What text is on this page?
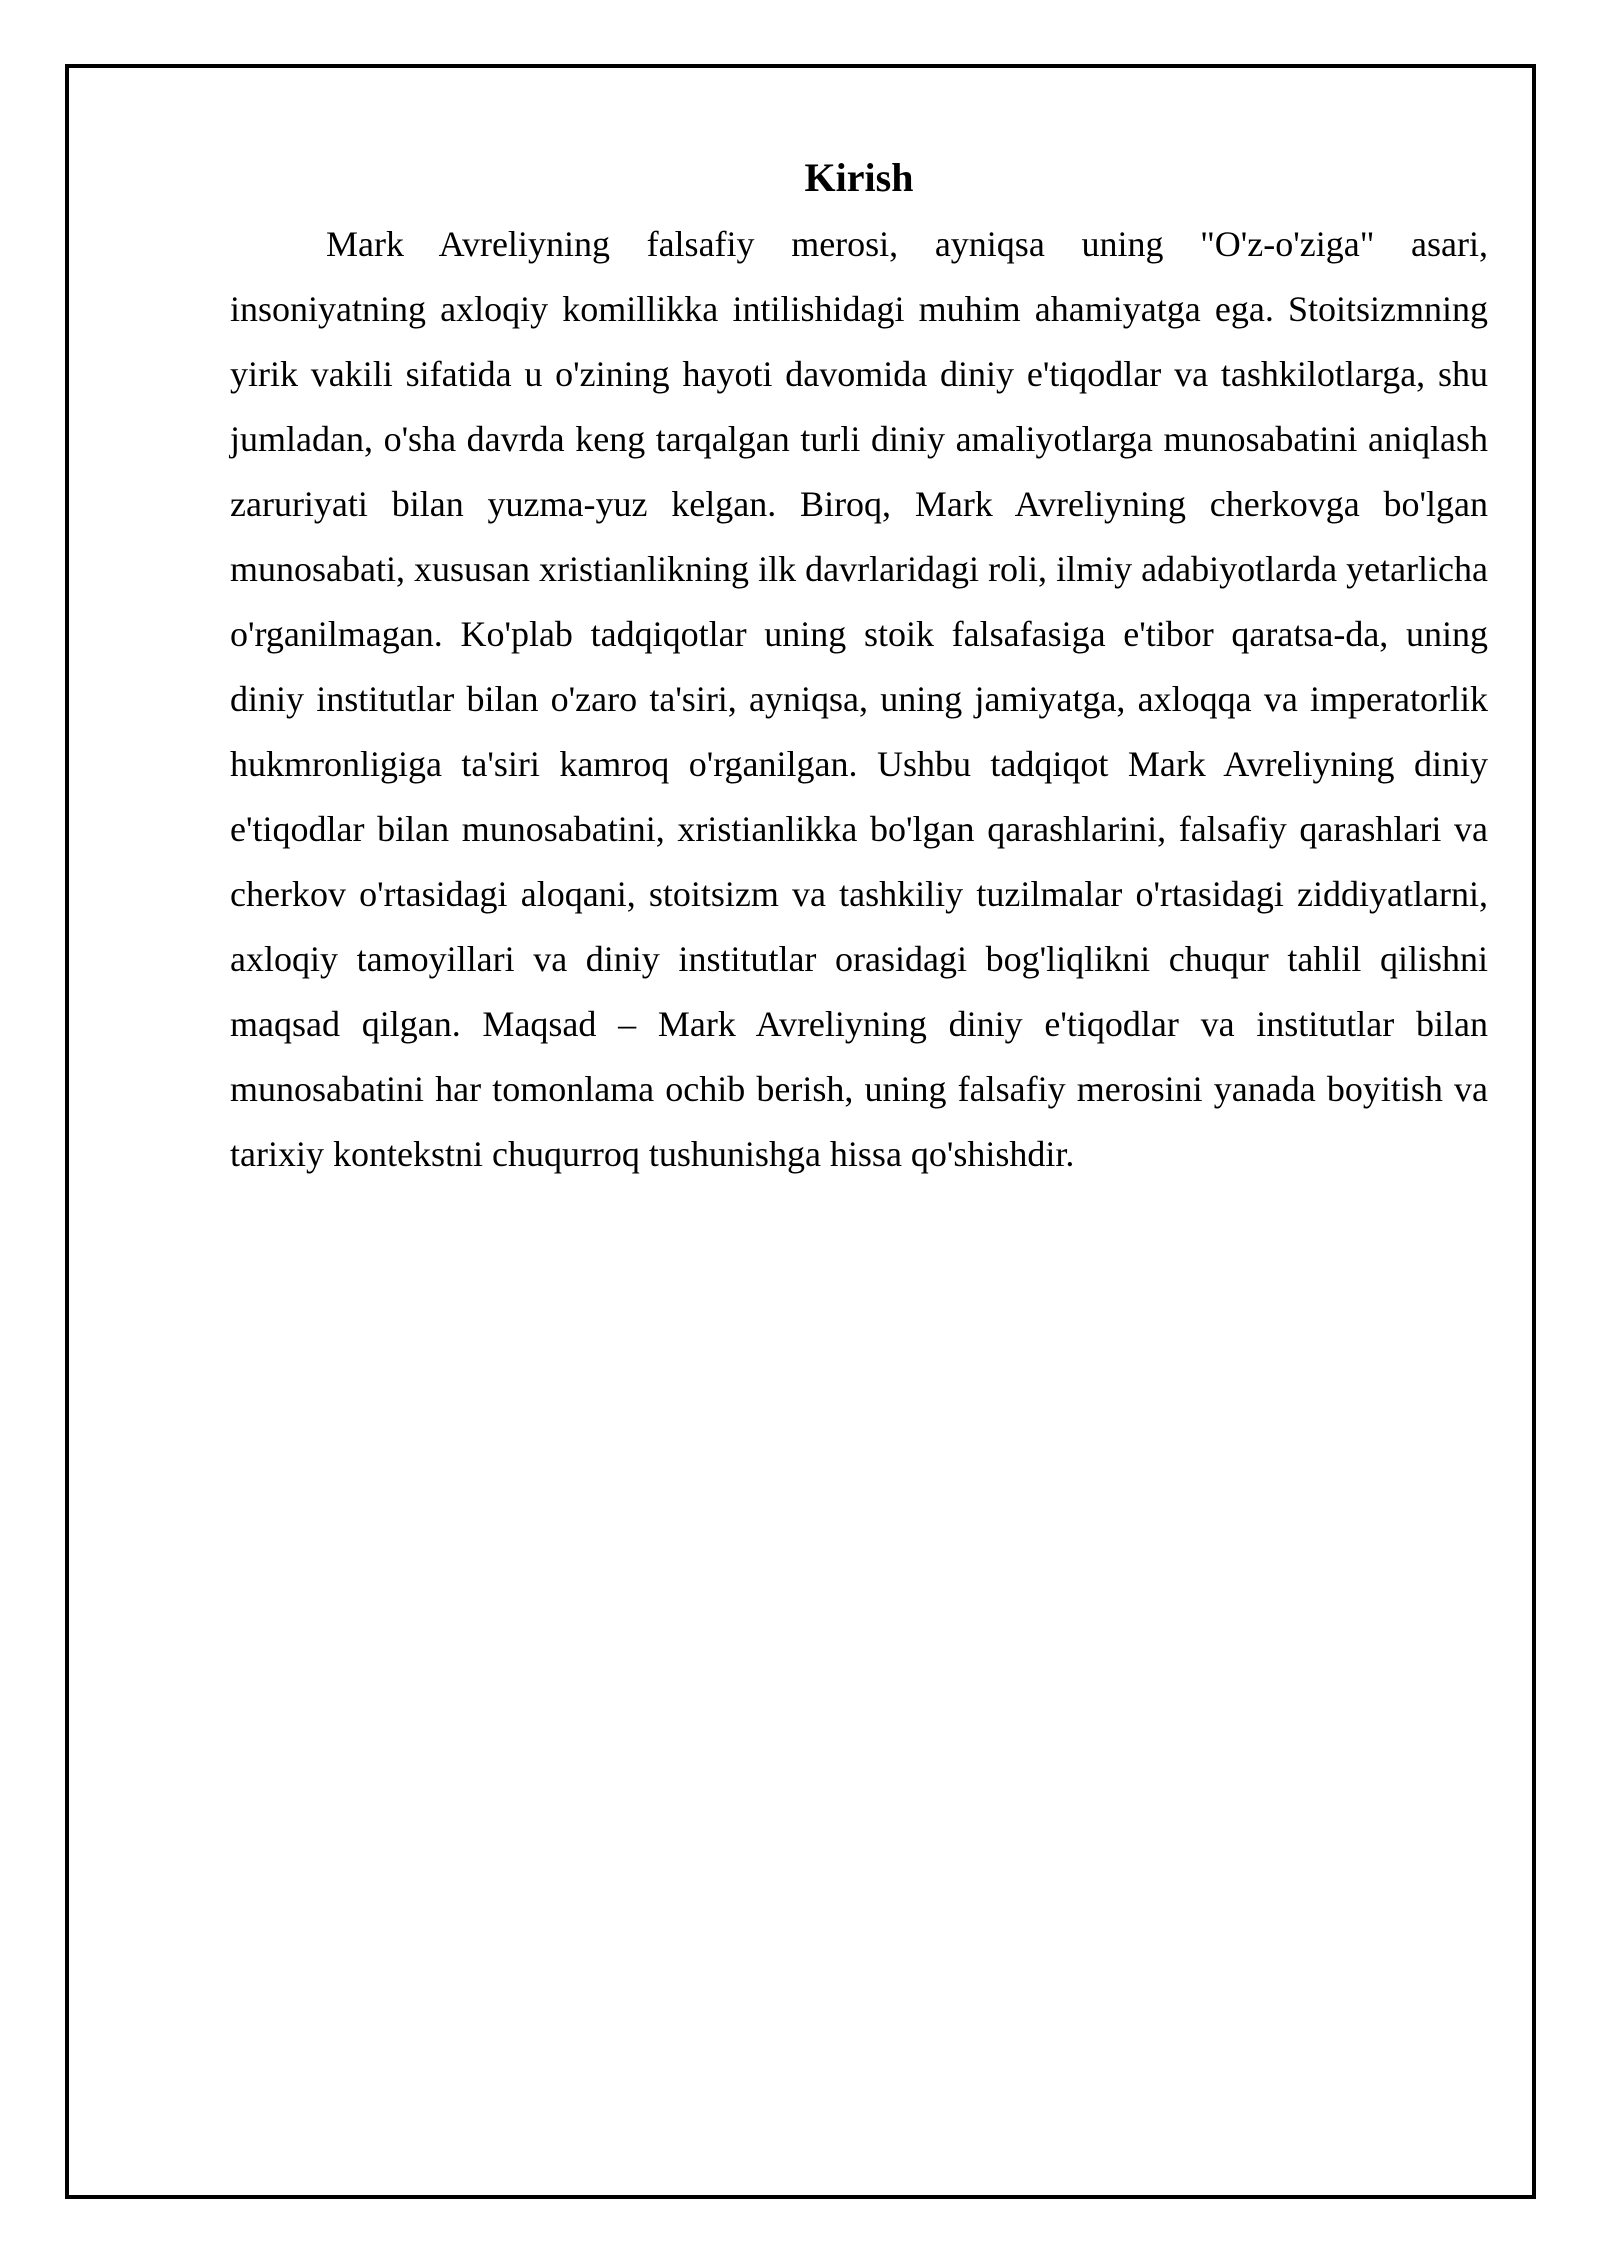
Kirish

Mark Avreliyning falsafiy merosi, ayniqsa uning "O'z-o'ziga" asari, insoniyatning axloqiy komillikka intilishidagi muhim ahamiyatga ega. Stoitsizmning yirik vakili sifatida u o'zining hayoti davomida diniy e'tiqodlar va tashkilotlarga, shu jumladan, o'sha davrda keng tarqalgan turli diniy amaliyotlarga munosabatini aniqlash zaruriyati bilan yuzma-yuz kelgan. Biroq, Mark Avreliyning cherkovga bo'lgan munosabati, xususan xristianlikning ilk davrlaridagi roli, ilmiy adabiyotlarda yetarlicha o'rganilmagan. Ko'plab tadqiqotlar uning stoik falsafasiga e'tibor qaratsa-da, uning diniy institutlar bilan o'zaro ta'siri, ayniqsa, uning jamiyatga, axloqqa va imperatorlik hukmronligiga ta'siri kamroq o'rganilgan. Ushbu tadqiqot Mark Avreliyning diniy e'tiqodlar bilan munosabatini, xristianlikka bo'lgan qarashlarini, falsafiy qarashlari va cherkov o'rtasidagi aloqani, stoitsizm va tashkiliy tuzilmalar o'rtasidagi ziddiyatlarni, axloqiy tamoyillari va diniy institutlar orasidagi bog'liqlikni chuqur tahlil qilishni maqsad qilgan. Maqsad – Mark Avreliyning diniy e'tiqodlar va institutlar bilan munosabatini har tomonlama ochib berish, uning falsafiy merosini yanada boyitish va tarixiy kontekstni chuqurroq tushunishga hissa qo'shishdir.
